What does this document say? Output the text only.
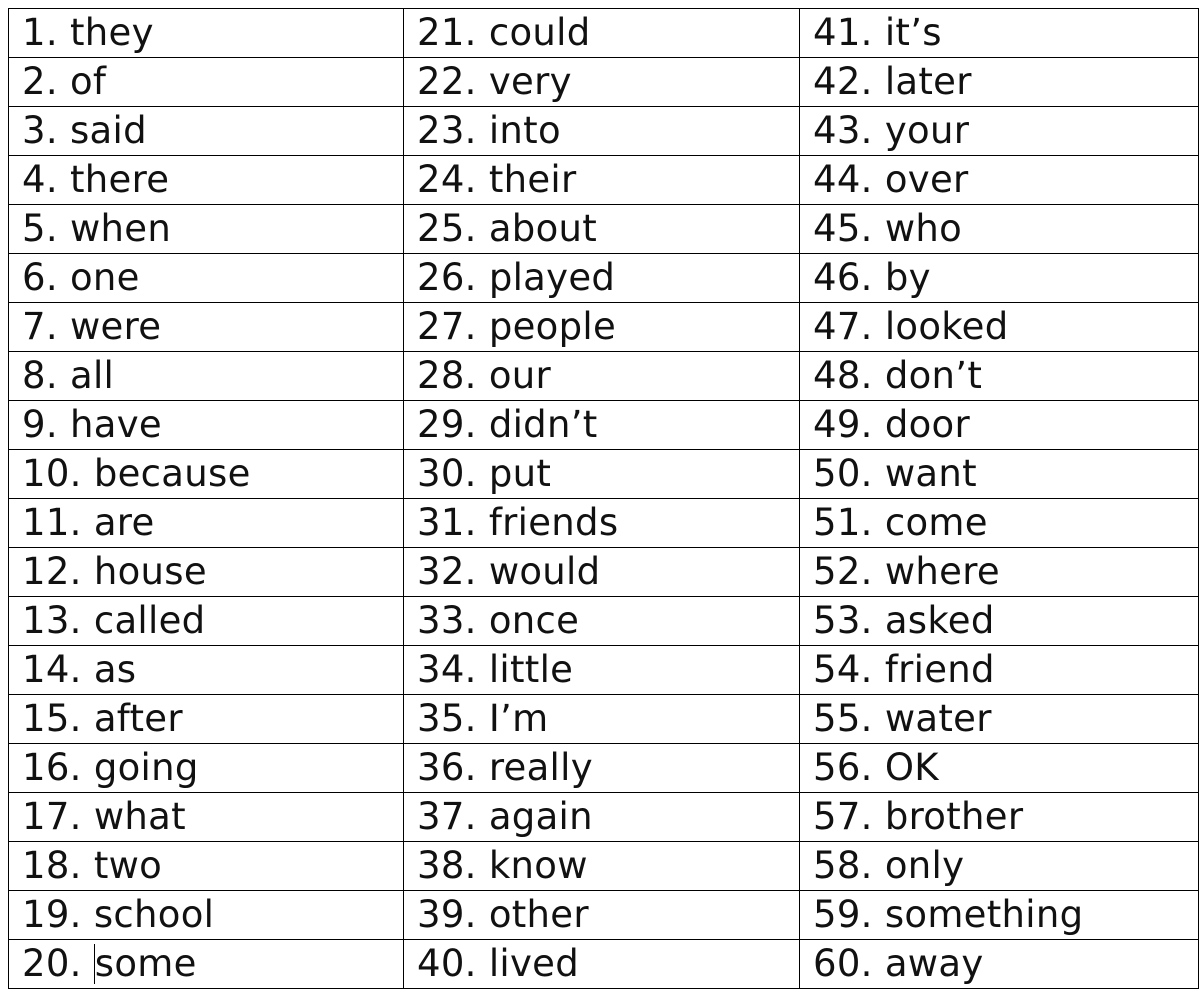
1. they	21. could	41. it’s
2. of	22. very	42. later
3. said	23. into	43. your
4. there	24. their	44. over
5. when	25. about	45. who
6. one	26. played	46. by
7. were	27. people	47. looked
8. all	28. our	48. don’t
9. have	29. didn’t	49. door
10. because	30. put	50. want
11. are	31. friends	51. come
12. house	32. would	52. where
13. called	33. once	53. asked
14. as	34. little	54. friend
15. after	35. I’m	55. water
16. going	36. really	56. OK
17. what	37. again	57. brother
18. two	38. know	58. only
19. school	39. other	59. something
20. some	40. lived	60. away
